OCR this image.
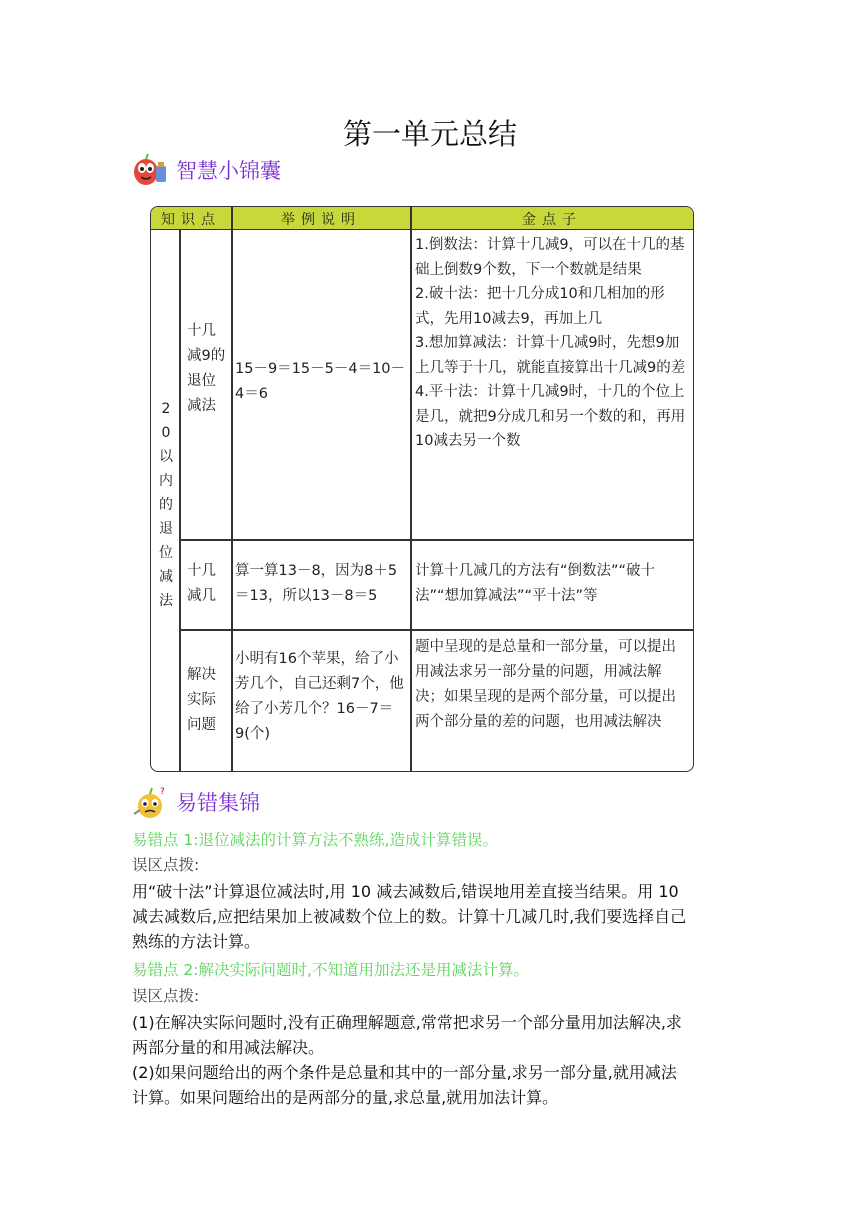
第一单元总结
智慧小锦囊
知识点	举例说明	金点子
20以内的退位减法
十几减9的退位减法
15－9＝15－5－4＝10－4＝6
1.倒数法：计算十几减9，可以在十几的基础上倒数9个数，下一个数就是结果
2.破十法：把十几分成10和几相加的形式，先用10减去9，再加上几
3.想加算减法：计算十几减9时，先想9加上几等于十几，就能直接算出十几减9的差
4.平十法：计算十几减9时，十几的个位上是几，就把9分成几和另一个数的和，再用10减去另一个数
十几减几
算一算13－8，因为8＋5＝13，所以13－8＝5
计算十几减几的方法有“倒数法”“破十法”“想加算减法”“平十法”等
解决实际问题
小明有16个苹果，给了小芳几个，自己还剩7个，他给了小芳几个？16－7＝9(个)
题中呈现的是总量和一部分量，可以提出用减法求另一部分量的问题，用减法解决；如果呈现的是两个部分量，可以提出两个部分量的差的问题，也用减法解决
? 易错集锦
易错点 1:退位减法的计算方法不熟练,造成计算错误。
误区点拨:
用“破十法”计算退位减法时,用 10 减去减数后,错误地用差直接当结果。用 10
减去减数后,应把结果加上被减数个位上的数。计算十几减几时,我们要选择自己
熟练的方法计算。
易错点 2:解决实际问题时,不知道用加法还是用减法计算。
误区点拨:
(1)在解决实际问题时,没有正确理解题意,常常把求另一个部分量用加法解决,求
两部分量的和用减法解决。
(2)如果问题给出的两个条件是总量和其中的一部分量,求另一部分量,就用减法
计算。如果问题给出的是两部分的量,求总量,就用加法计算。
